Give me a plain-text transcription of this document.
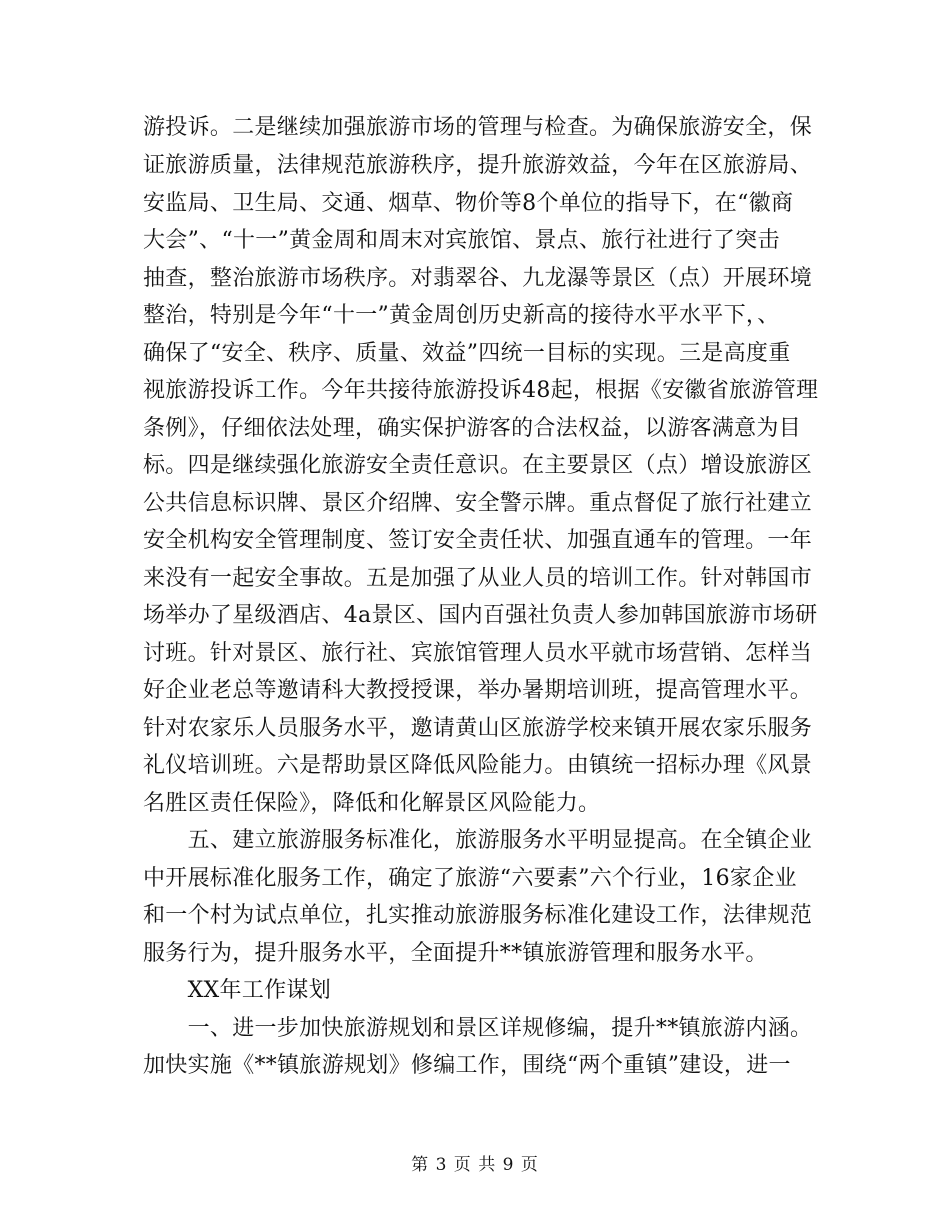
游投诉。二是继续加强旅游市场的管理与检查。为确保旅游安全，保
证旅游质量，法律规范旅游秩序，提升旅游效益，今年在区旅游局、
安监局、卫生局、交通、烟草、物价等8个单位的指导下，在“徽商
大会”、“十一”黄金周和周末对宾旅馆、景点、旅行社进行了突击
抽查，整治旅游市场秩序。对翡翠谷、九龙瀑等景区（点）开展环境
整治，特别是今年“十一”黄金周创历史新高的接待水平水平下，、
确保了“安全、秩序、质量、效益”四统一目标的实现。三是高度重
视旅游投诉工作。今年共接待旅游投诉48起，根据《安徽省旅游管理
条例》，仔细依法处理，确实保护游客的合法权益，以游客满意为目
标。四是继续强化旅游安全责任意识。在主要景区（点）增设旅游区
公共信息标识牌、景区介绍牌、安全警示牌。重点督促了旅行社建立
安全机构安全管理制度、签订安全责任状、加强直通车的管理。一年
来没有一起安全事故。五是加强了从业人员的培训工作。针对韩国市
场举办了星级酒店、4a景区、国内百强社负责人参加韩国旅游市场研
讨班。针对景区、旅行社、宾旅馆管理人员水平就市场营销、怎样当
好企业老总等邀请科大教授授课，举办暑期培训班，提高管理水平。
针对农家乐人员服务水平，邀请黄山区旅游学校来镇开展农家乐服务
礼仪培训班。六是帮助景区降低风险能力。由镇统一招标办理《风景
名胜区责任保险》，降低和化解景区风险能力。
　　五、建立旅游服务标准化，旅游服务水平明显提高。在全镇企业
中开展标准化服务工作，确定了旅游“六要素”六个行业，16家企业
和一个村为试点单位，扎实推动旅游服务标准化建设工作，法律规范
服务行为，提升服务水平，全面提升**镇旅游管理和服务水平。
　　XX年工作谋划
　　一、进一步加快旅游规划和景区详规修编，提升**镇旅游内涵。
加快实施《**镇旅游规划》修编工作，围绕“两个重镇”建设，进一
第 3 页 共 9 页
